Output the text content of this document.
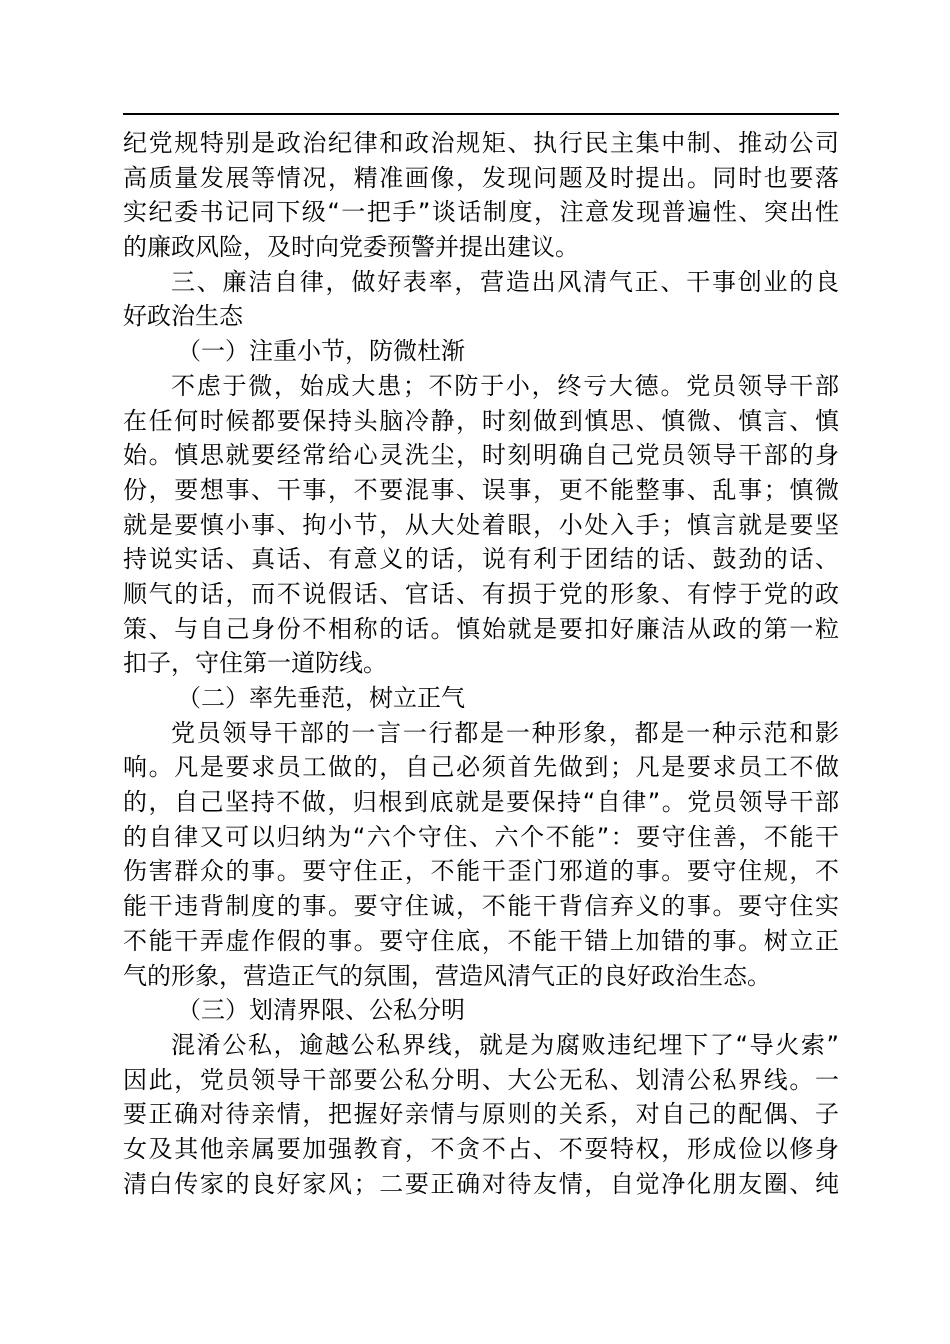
纪党规特别是政治纪律和政治规矩、执行民主集中制、推动公司
高质量发展等情况，精准画像，发现问题及时提出。同时也要落
实纪委书记同下级“一把手”谈话制度，注意发现普遍性、突出性
的廉政风险，及时向党委预警并提出建议。
三、廉洁自律，做好表率，营造出风清气正、干事创业的良
好政治生态
（一）注重小节，防微杜渐
不虑于微，始成大患；不防于小，终亏大德。党员领导干部
在任何时候都要保持头脑冷静，时刻做到慎思、慎微、慎言、慎
始。慎思就要经常给心灵洗尘，时刻明确自己党员领导干部的身
份，要想事、干事，不要混事、误事，更不能整事、乱事；慎微
就是要慎小事、拘小节，从大处着眼，小处入手；慎言就是要坚
持说实话、真话、有意义的话，说有利于团结的话、鼓劲的话、
顺气的话，而不说假话、官话、有损于党的形象、有悖于党的政
策、与自己身份不相称的话。慎始就是要扣好廉洁从政的第一粒
扣子，守住第一道防线。
（二）率先垂范，树立正气
党员领导干部的一言一行都是一种形象，都是一种示范和影
响。凡是要求员工做的，自己必须首先做到；凡是要求员工不做
的，自己坚持不做，归根到底就是要保持“自律”。党员领导干部
的自律又可以归纳为“六个守住、六个不能”：要守住善，不能干
伤害群众的事。要守住正，不能干歪门邪道的事。要守住规，不
能干违背制度的事。要守住诚，不能干背信弃义的事。要守住实
不能干弄虚作假的事。要守住底，不能干错上加错的事。树立正
气的形象，营造正气的氛围，营造风清气正的良好政治生态。
（三）划清界限、公私分明
混淆公私，逾越公私界线，就是为腐败违纪埋下了“导火索”
因此，党员领导干部要公私分明、大公无私、划清公私界线。一
要正确对待亲情，把握好亲情与原则的关系，对自己的配偶、子
女及其他亲属要加强教育，不贪不占、不耍特权，形成俭以修身
清白传家的良好家风；二要正确对待友情，自觉净化朋友圈、纯
